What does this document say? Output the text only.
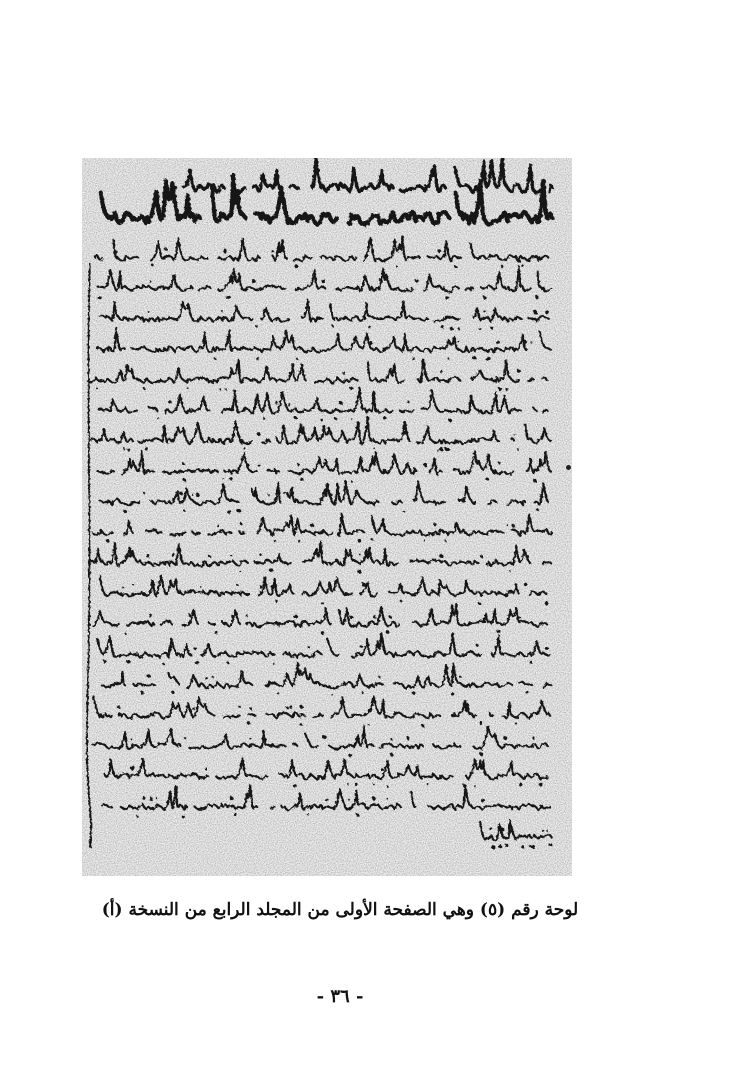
لوحة رقم (٥) وهي الصفحة الأولى من المجلد الرابع من النسخة (أ)
- ٣٦ -
